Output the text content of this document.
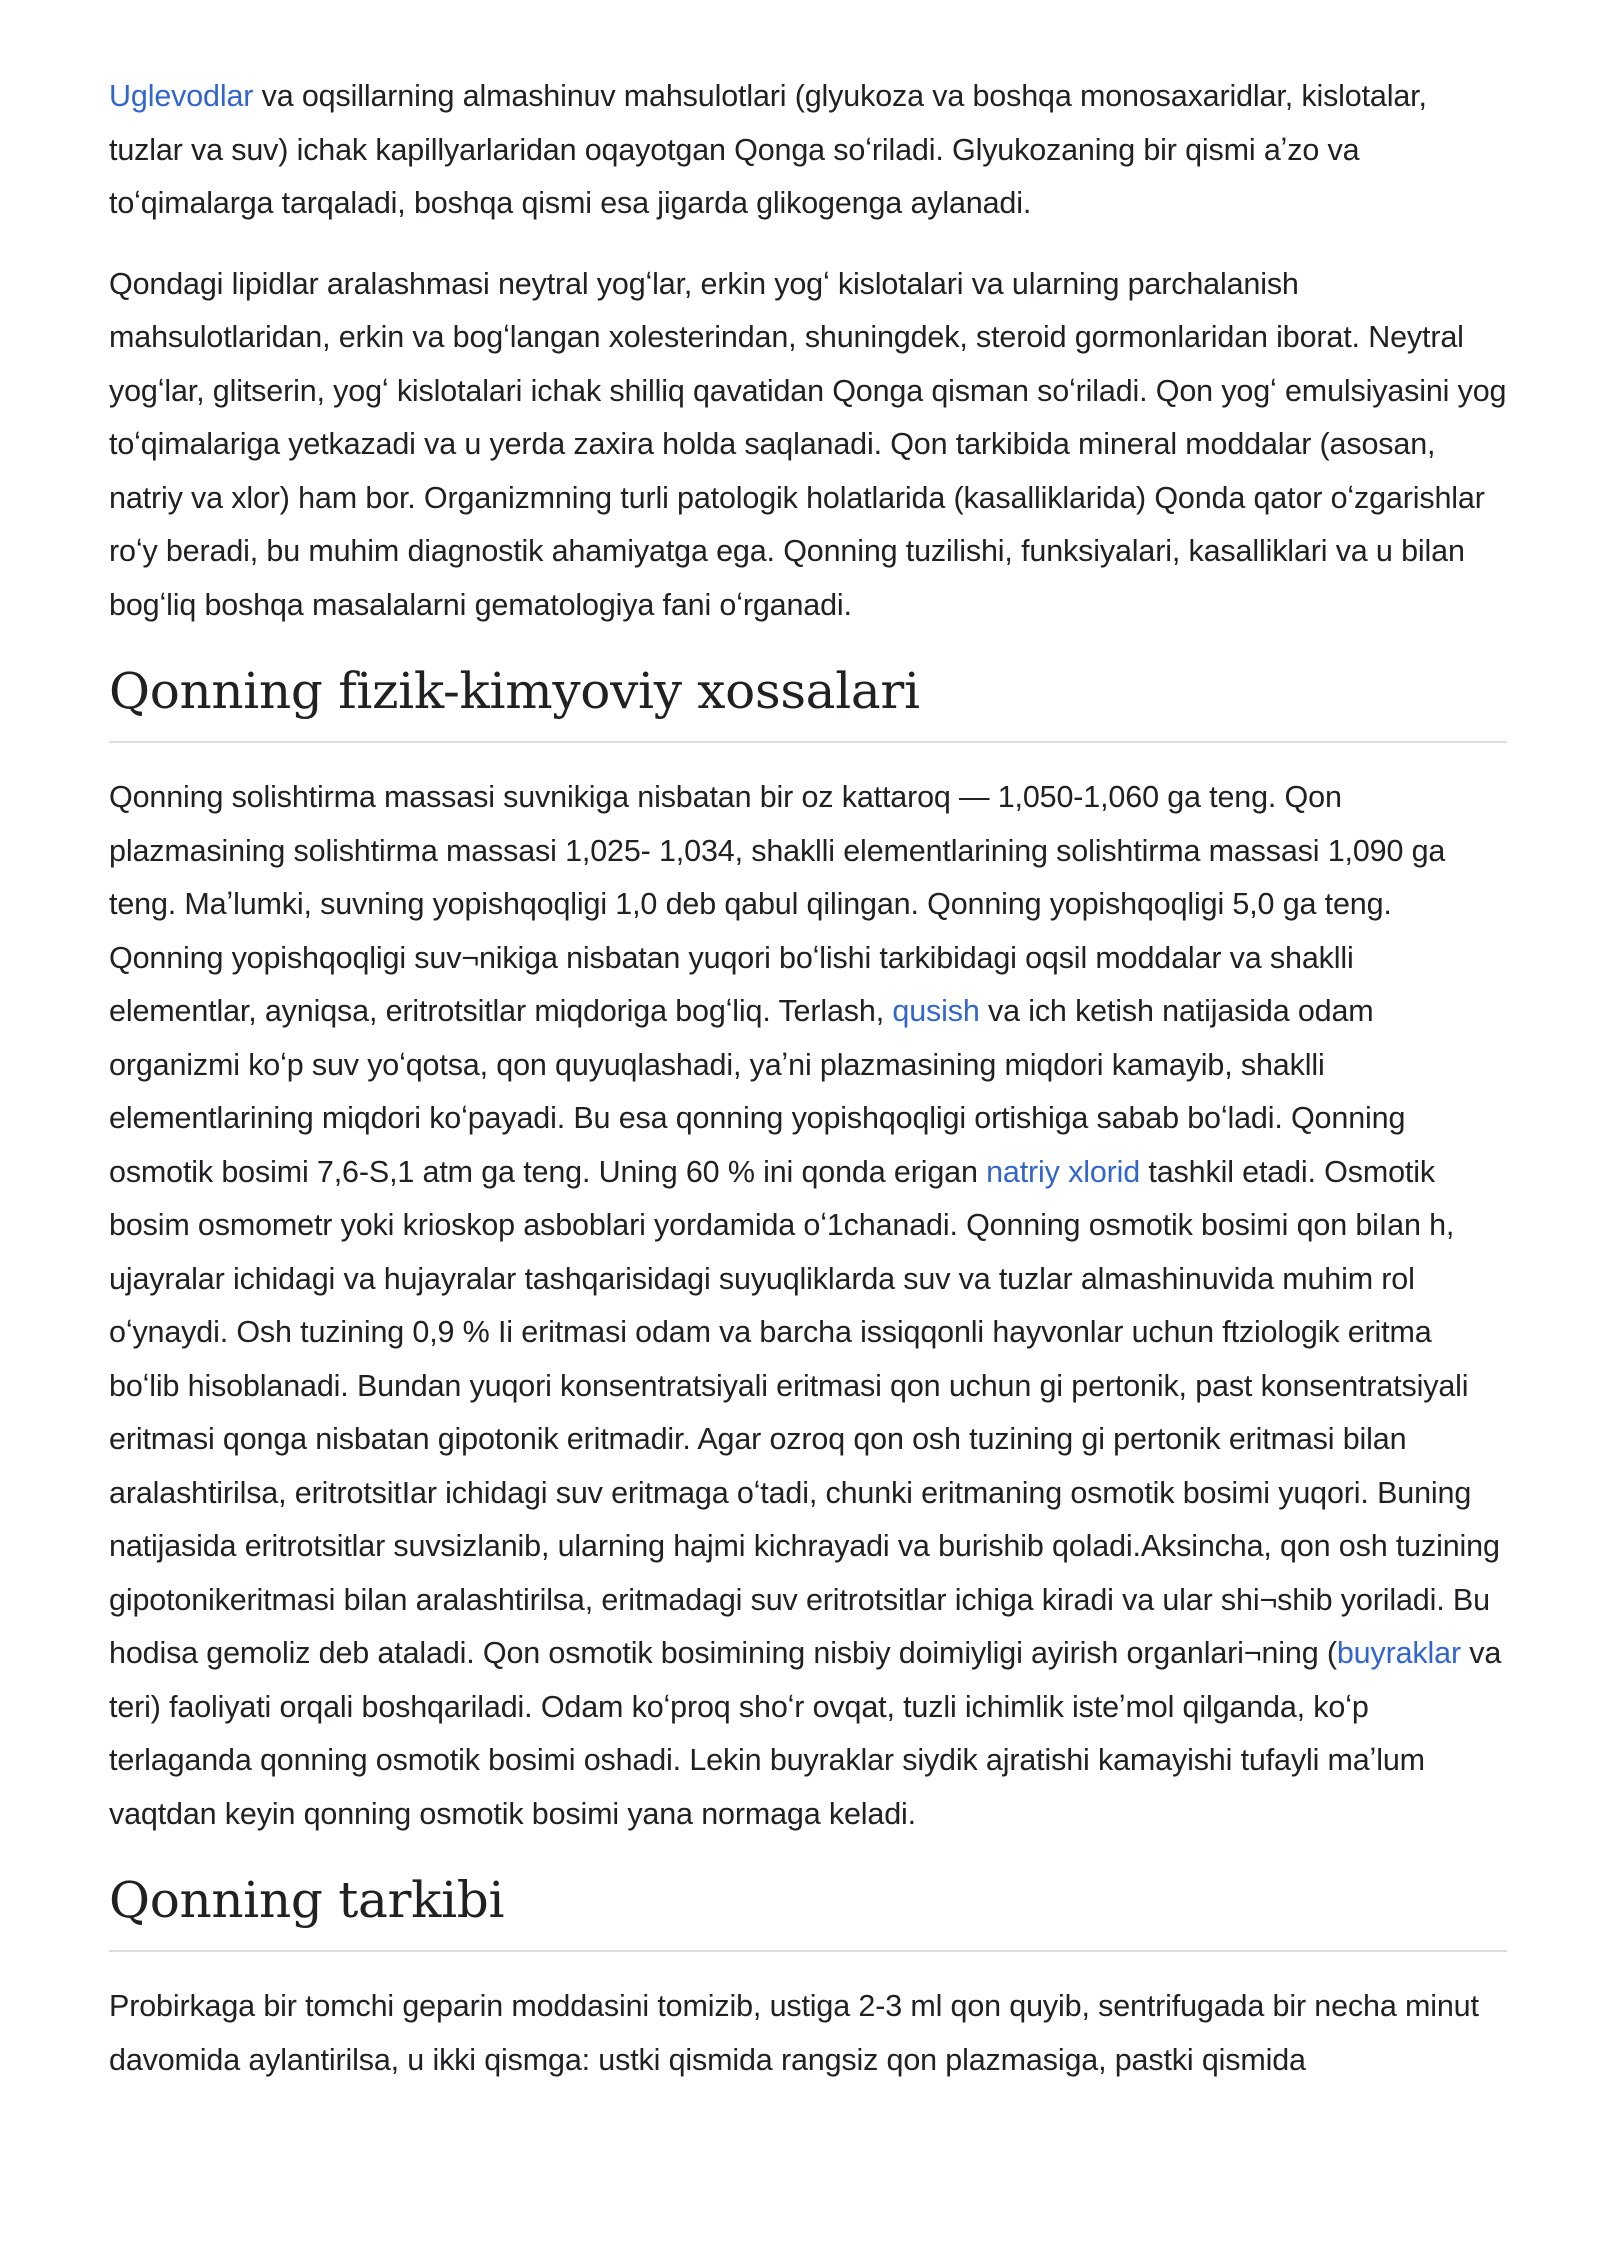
Uglevodlar va oqsillarning almashinuv mahsulotlari (glyukoza va boshqa monosaxaridlar, kislotalar, tuzlar va suv) ichak kapillyarlaridan oqayotgan Qonga soʻriladi. Glyukozaning bir qismi aʼzo va toʻqimalarga tarqaladi, boshqa qismi esa jigarda glikogenga aylanadi.

Qondagi lipidlar aralashmasi neytral yogʻlar, erkin yogʻ kislotalari va ularning parchalanish mahsulotlaridan, erkin va bogʻlangan xolesterindan, shuningdek, steroid gormonlaridan iborat. Neytral yogʻlar, glitserin, yogʻ kislotalari ichak shilliq qavatidan Qonga qisman soʻriladi. Qon yogʻ emulsiyasini yog toʻqimalariga yetkazadi va u yerda zaxira holda saqlanadi. Qon tarkibida mineral moddalar (asosan, natriy va xlor) ham bor. Organizmning turli patologik holatlarida (kasalliklarida) Qonda qator oʻzgarishlar roʻy beradi, bu muhim diagnostik ahamiyatga ega. Qonning tuzilishi, funksiyalari, kasalliklari va u bilan bogʻliq boshqa masalalarni gematologiya fani oʻrganadi.

Qonning fizik-kimyoviy xossalari

Qonning solishtirma massasi suvnikiga nisbatan bir oz kattaroq — 1,050-1,060 ga teng. Qon plazmasining solishtirma massasi 1,025- 1,034, shaklli elementlarining solishtirma massasi 1,090 ga teng. Maʼlumki, suvning yopishqoqligi 1,0 deb qabul qilingan. Qonning yopishqoqligi 5,0 ga teng. Qonning yopishqoqligi suv¬nikiga nisbatan yuqori boʻlishi tarkibidagi oqsil moddalar va shaklli elementlar, ayniqsa, eritrotsitlar miqdoriga bogʻliq. Terlash, qusish va ich ketish natijasida odam organizmi koʻp suv yoʻqotsa, qon quyuqlashadi, yaʼni plazmasining miqdori kamayib, shaklli elementlarining miqdori koʻpayadi. Bu esa qonning yopishqoqligi ortishiga sabab boʻladi. Qonning osmotik bosimi 7,6-S,1 atm ga teng. Uning 60 % ini qonda erigan natriy xlorid tashkil etadi. Osmotik bosim osmometr yoki krioskop asboblari yordamida oʻ1chanadi. Qonning osmotik bosimi qon biIan h, ujayralar ichidagi va hujayralar tashqarisidagi suyuqliklarda suv va tuzlar almashinuvida muhim rol oʻynaydi. Osh tuzining 0,9 % Ii eritmasi odam va barcha issiqqonli hayvonlar uchun ftziologik eritma boʻlib hisoblanadi. Bundan yuqori konsentratsiyali eritmasi qon uchun gi pertonik, past konsentratsiyali eritmasi qonga nisbatan gipotonik eritmadir. Agar ozroq qon osh tuzining gi pertonik eritmasi bilan aralashtirilsa, eritrotsitIar ichidagi suv eritmaga oʻtadi, chunki eritmaning osmotik bosimi yuqori. Buning natijasida eritrotsitlar suvsizlanib, ularning hajmi kichrayadi va burishib qoladi.Aksincha, qon osh tuzining gipotonikeritmasi bilan aralashtirilsa, eritmadagi suv eritrotsitlar ichiga kiradi va ular shi¬shib yoriladi. Bu hodisa gemoliz deb ataladi. Qon osmotik bosimining nisbiy doimiyligi ayirish organlari¬ning (buyraklar va teri) faoliyati orqali boshqariladi. Odam koʻproq shoʻr ovqat, tuzli ichimlik isteʼmol qilganda, koʻp terlaganda qonning osmotik bosimi oshadi. Lekin buyraklar siydik ajratishi kamayishi tufayli maʼlum vaqtdan keyin qonning osmotik bosimi yana normaga keladi.

Qonning tarkibi

Probirkaga bir tomchi geparin moddasini tomizib, ustiga 2-3 ml qon quyib, sentrifugada bir necha minut davomida aylantirilsa, u ikki qismga: ustki qismida rangsiz qon plazmasiga, pastki qismida
